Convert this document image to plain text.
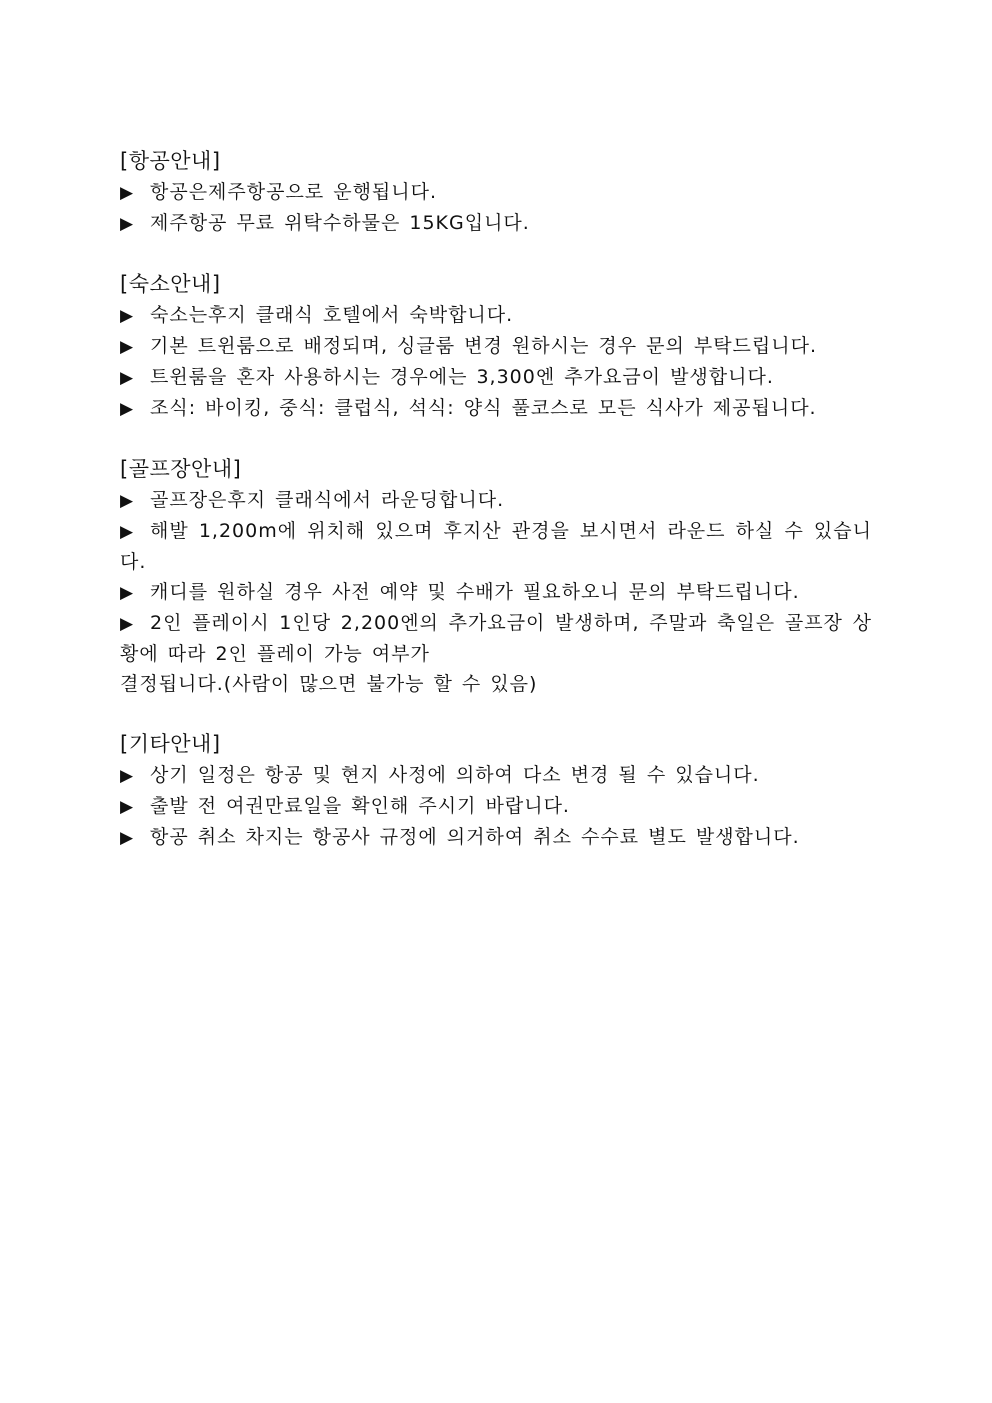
[항공안내]

▶ 항공은제주항공으로 운행됩니다.

▶ 제주항공 무료 위탁수하물은 15KG입니다.

[숙소안내]

▶ 숙소는후지 클래식 호텔에서 숙박합니다.

▶ 기본 트윈룸으로 배정되며, 싱글룸 변경 원하시는 경우 문의 부탁드립니다.

▶ 트윈룸을 혼자 사용하시는 경우에는 3,300엔 추가요금이 발생합니다.

▶ 조식: 바이킹, 중식: 클럽식, 석식: 양식 풀코스로 모든 식사가 제공됩니다.

[골프장안내]

▶ 골프장은후지 클래식에서 라운딩합니다.

▶ 해발 1,200m에 위치해 있으며 후지산 관경을 보시면서 라운드 하실 수 있습니다.

▶ 캐디를 원하실 경우 사전 예약 및 수배가 필요하오니 문의 부탁드립니다.

▶ 2인 플레이시 1인당 2,200엔의 추가요금이 발생하며, 주말과 축일은 골프장 상황에 따라 2인 플레이 가능 여부가

결정됩니다.(사람이 많으면 불가능 할 수 있음)

[기타안내]

▶ 상기 일정은 항공 및 현지 사정에 의하여 다소 변경 될 수 있습니다.

▶ 출발 전 여권만료일을 확인해 주시기 바랍니다.

▶ 항공 취소 차지는 항공사 규정에 의거하여 취소 수수료 별도 발생합니다.
